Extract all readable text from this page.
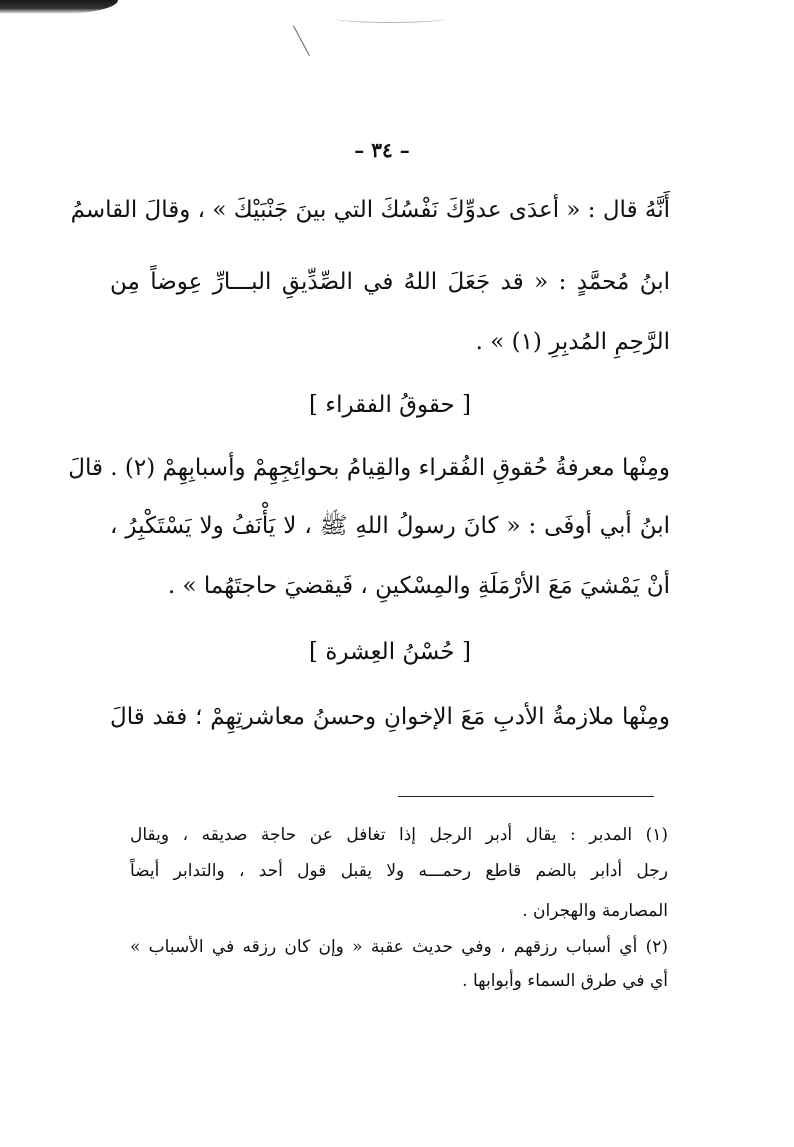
– ٣٤ –
أَنَّهُ قال : « أعدَى عدوِّكَ نَفْسُكَ التي بينَ جَنْبَيْكَ » ، وقالَ القاسمُ
ابنُ مُحمَّدٍ : « قد جَعَلَ اللهُ في الصِّدِّيقِ البـــارِّ عِوضاً مِن
الرَّحِمِ المُدبِرِ (١) » .
[ حقوقُ الفقراء ]
ومِنْها معرفةُ حُقوقِ الفُقراء والقِيامُ بحوائِجِهِمْ وأسبابِهِمْ (٢) . قالَ
ابنُ أبي أوفَى : « كانَ رسولُ اللهِ ﷺ ، لا يَأْنَفُ ولا يَسْتَكْبِرُ ،
أنْ يَمْشيَ مَعَ الأرْمَلَةِ والمِسْكينِ ، فَيقضيَ حاجتَهُما » .
[ حُسْنُ العِشرة ]
ومِنْها ملازمةُ الأدبِ مَعَ الإخوانِ وحسنُ معاشرتِهِمْ ؛ فقد قالَ
(١) المدبر : يقال أدبر الرجل إذا تغافل عن حاجة صديقه ، ويقال
رجل أدابر بالضم قاطع رحمـــه ولا يقبل قول أحد ، والتدابر أيضاً
المصارمة والهجران .
(٢) أي أسباب رزقهم ، وفي حديث عقبة « وإن كان رزقه في الأسباب »
أي في طرق السماء وأبوابها .
